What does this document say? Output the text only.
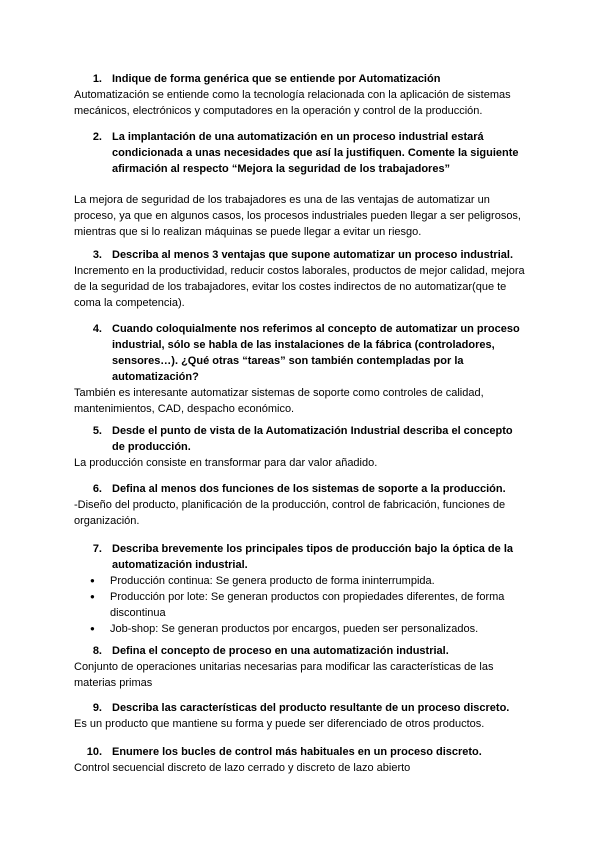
1. Indique de forma genérica que se entiende por Automatización
Automatización se entiende como la tecnología relacionada con la aplicación de sistemas mecánicos, electrónicos y computadores en la operación y control de la producción.
2. La implantación de una automatización en un proceso industrial estará condicionada a unas necesidades que así la justifiquen. Comente la siguiente afirmación al respecto “Mejora la seguridad de los trabajadores”
La mejora de seguridad de los trabajadores es una de las ventajas de automatizar un proceso, ya que en algunos casos, los procesos industriales pueden llegar a ser peligrosos, mientras que si lo realizan máquinas se puede llegar a evitar un riesgo.
3. Describa al menos 3 ventajas que supone automatizar un proceso industrial.
Incremento en la productividad, reducir costos laborales, productos de mejor calidad, mejora de la seguridad de los trabajadores, evitar los costes indirectos de no automatizar(que te coma la competencia).
4. Cuando coloquialmente nos referimos al concepto de automatizar un proceso industrial, sólo se habla de las instalaciones de la fábrica (controladores, sensores…). ¿Qué otras “tareas” son también contempladas por la automatización?
También es interesante automatizar sistemas de soporte como controles de calidad, mantenimientos, CAD, despacho económico.
5. Desde el punto de vista de la Automatización Industrial describa el concepto de producción.
La producción consiste en transformar para dar valor añadido.
6. Defina al menos dos funciones de los sistemas de soporte a la producción.
-Diseño del producto, planificación de la producción, control de fabricación, funciones de organización.
7. Describa brevemente los principales tipos de producción bajo la óptica de la automatización industrial.
● Producción continua: Se genera producto de forma ininterrumpida.
● Producción por lote: Se generan productos con propiedades diferentes, de forma discontinua
● Job-shop: Se generan productos por encargos, pueden ser personalizados.
8. Defina el concepto de proceso en una automatización industrial.
Conjunto de operaciones unitarias necesarias para modificar las características de las materias primas
9. Describa las características del producto resultante de un proceso discreto.
Es un producto que mantiene su forma y puede ser diferenciado de otros productos.
10. Enumere los bucles de control más habituales en un proceso discreto.
Control secuencial discreto de lazo cerrado y discreto de lazo abierto
